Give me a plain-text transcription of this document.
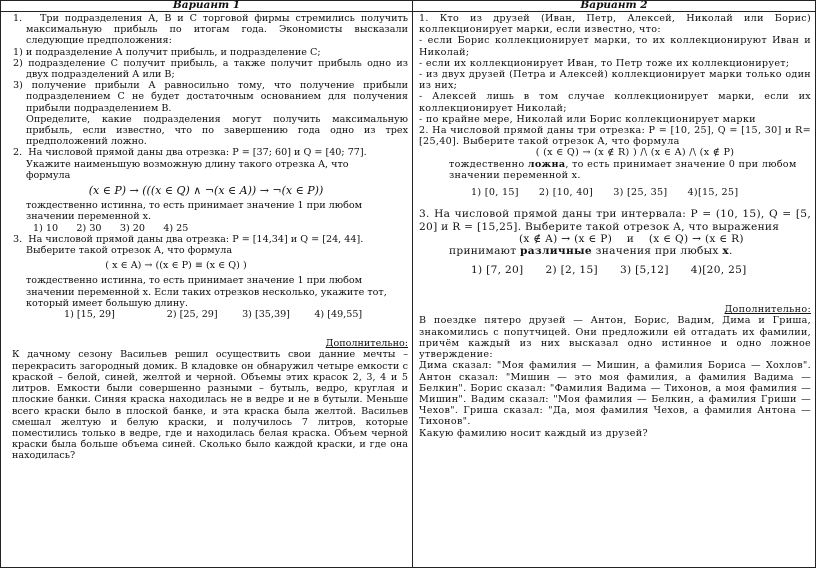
Вариант 1

1. Три подразделения А, В и С торговой фирмы стремились получить максимальную прибыль по итогам года. Экономисты высказали следующие предположения:

1) и подразделение А получит прибыль, и подразделение С;

2) подразделение С получит прибыль, а также получит прибыль одно из двух подразделений А или В;

3) получение прибыли А равносильно тому, что получение прибыли подразделением С не будет достаточным основанием для получения прибыли подразделением В.

Определите, какие подразделения могут получить максимальную прибыль, если известно, что по завершению года одно из трех предположений ложно.

2. На числовой прямой даны два отрезка: P = [37; 60] и Q = [40; 77].

Укажите наименьшую возможную длину такого отрезка A, что

формула

(x ∈ P) → (((x ∈ Q) ∧ ¬(x ∈ A)) → ¬(x ∈ P))

тождественно истинна, то есть принимает значение 1 при любом

значении переменной x.

1) 10 2) 30 3) 20 4) 25

3. На числовой прямой даны два отрезка: P = [14,34] и Q = [24, 44].

Выберите такой отрезок А, что формула

( x ∈ A) → ((x ∈ P) ≡ (x ∈ Q) )

тождественно истинна, то есть принимает значение 1 при любом

значении переменной х. Если таких отрезков несколько, укажите тот,

который имеет большую длину.

1) [15, 29]	2) [25, 29]	3) [35,39]	4) [49,55]

Дополнительно:

К дачному сезону Васильев решил осуществить свои данние мечты – перекрасить загородный домик. В кладовке он обнаружил четыре емкости с краской – белой, синей, желтой и черной. Объемы этих красок 2, 3, 4 и 5 литров. Емкости были совершенно разными – бутыль, ведро, круглая и плоские банки. Синяя краска находилась не в ведре и не в бутыли. Меньше всего краски было в плоской банке, и эта краска была желтой. Васильев смешал желтую и белую краски, и получилось 7 литров, которые поместились только в ведре, где и находилась белая краска. Объем черной краски была больше объема синей. Сколько было каждой краски, и где она находилась?

Вариант 2

1. Кто из друзей (Иван, Петр, Алексей, Николай или Борис) коллекционирует марки, если известно, что:

- если Борис коллекционирует марки, то их коллекционируют Иван и Николай;

- если их коллекционирует Иван, то Петр тоже их коллекционирует;

- из двух друзей (Петра и Алексей) коллекционирует марки только один из них;

- Алексей лишь в том случае коллекционирует марки, если их коллекционирует Николай;

- по крайне мере, Николай или Борис коллекционирует марки

2. На числовой прямой даны три отрезка: P = [10, 25], Q = [15, 30] и R=[25,40]. Выберите такой отрезок A, что формула

( (x ∈ Q) → (x ∉ R) ) /\ (x ∈ A) /\ (x ∉ P)

тождественно ложна, то есть принимает значение 0 при любом

значении переменной x.

1) [0, 15] 2) [10, 40] 3) [25, 35] 4)[15, 25]

3. На числовой прямой даны три интервала: P = (10, 15), Q = [5, 20] и R = [15,25]. Выберите такой отрезок A, что выражения

(x ∉ A) → (x ∈ P) и (x ∈ Q) → (x ∈ R)

принимают различные значения при любых x.

1) [7, 20] 2) [2, 15] 3) [5,12] 4)[20, 25]

Дополнительно:

В поездке пятеро друзей — Антон, Борис, Вадим, Дима и Гриша, знакомились с попутчицей. Они предложили ей отгадать их фамилии, причём каждый из них высказал одно истинное и одно ложное утверждение:

Дима сказал: "Моя фамилия — Мишин, а фамилия Бориса — Хохлов". Антон сказал: "Мишин — это моя фамилия, а фамилия Вадима — Белкин". Борис сказал: "Фамилия Вадима — Тихонов, а моя фамилия — Мишин". Вадим сказал: "Моя фамилия — Белкин, а фамилия Гриши — Чехов". Гриша сказал: "Да, моя фамилия Чехов, а фамилия Антона — Тихонов".

Какую фамилию носит каждый из друзей?
